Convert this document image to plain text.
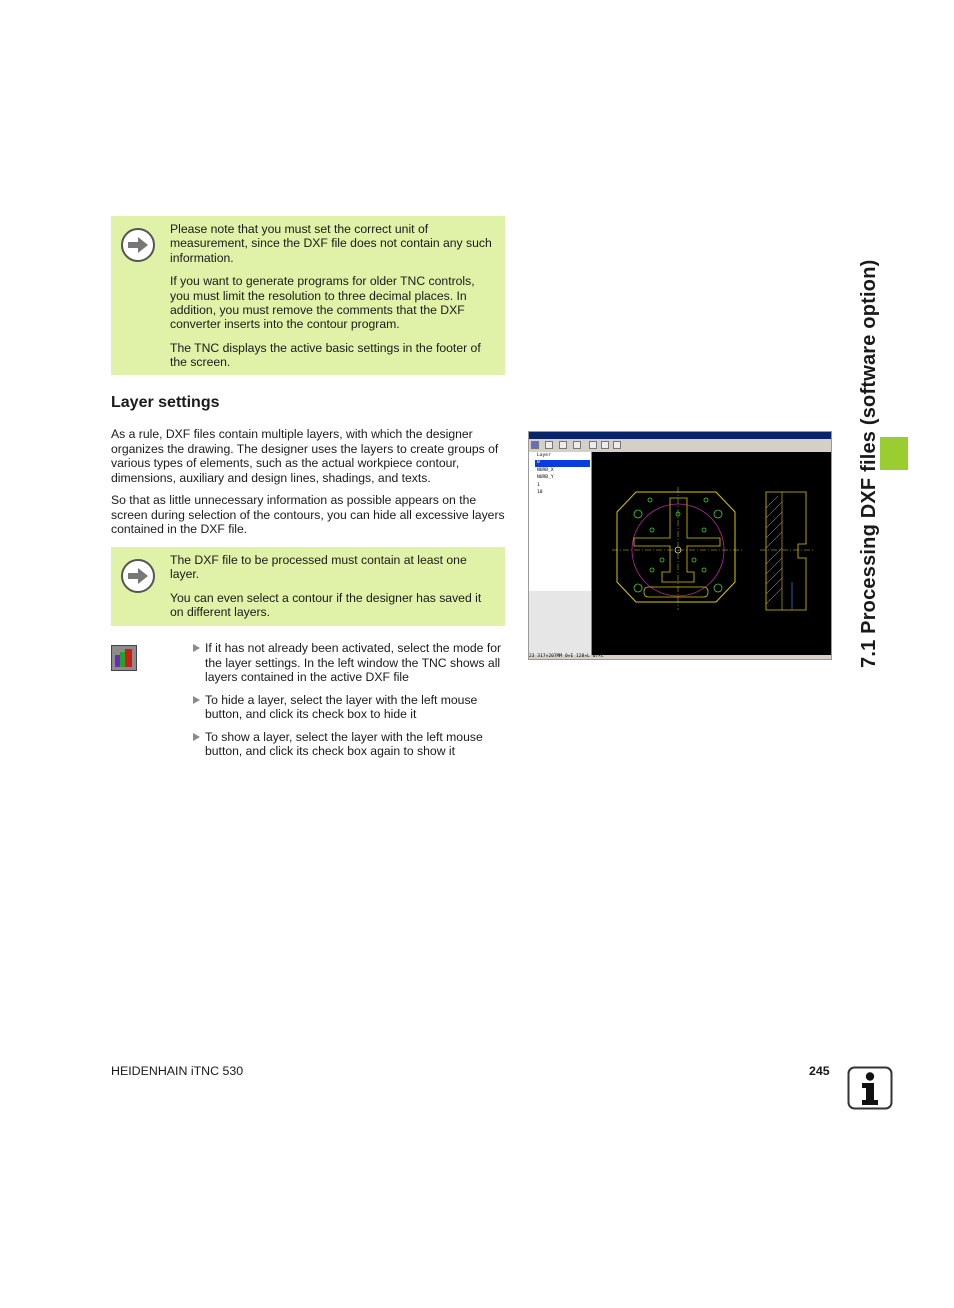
7.1 Processing DXF files (software option)

Please note that you must set the correct unit of measurement, since the DXF file does not contain any such information.

If you want to generate programs for older TNC controls, you must limit the resolution to three decimal places. In addition, you must remove the comments that the DXF converter inserts into the contour program.

The TNC displays the active basic settings in the footer of the screen.

Layer settings

As a rule, DXF files contain multiple layers, with which the designer organizes the drawing. The designer uses the layers to create groups of various types of elements, such as the actual workpiece contour, dimensions, auxiliary and design lines, shadings, and texts.

So that as little unnecessary information as possible appears on the screen during selection of the contours, you can hide all excessive layers contained in the DXF file.

The DXF file to be processed must contain at least one layer.

You can even select a contour if the designer has saved it on different layers.

If it has not already been activated, select the mode for the layer settings. In the left window the TNC shows all layers contained in the active DXF file
To hide a layer, select the layer with the left mouse button, and click its check box to hide it
To show a layer, select the layer with the left mouse button, and click its check box again to show it
Layer
0
NURB_X
NURB_Y
1
10
23 317×207MM 0×E 128×L 07×C
HEIDENHAIN iTNC 530	245
